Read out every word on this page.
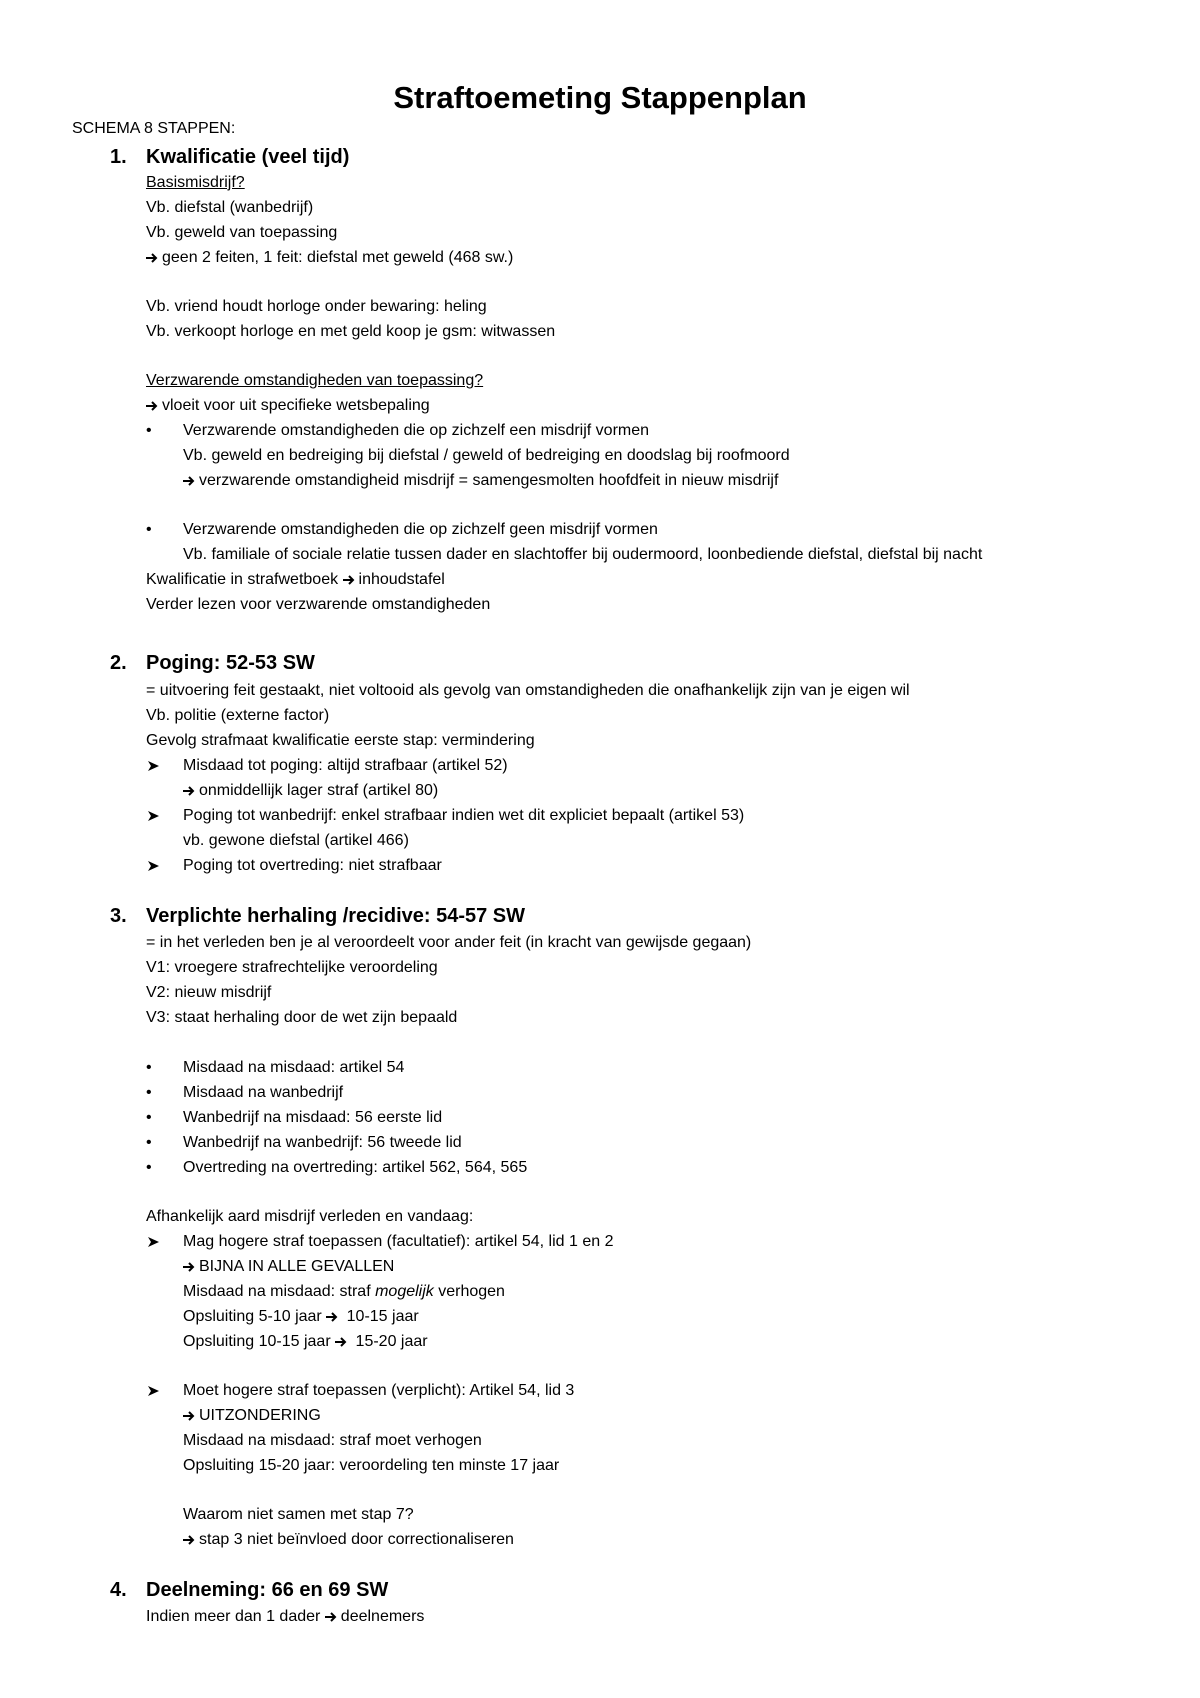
Straftoemeting Stappenplan
SCHEMA 8 STAPPEN:
1. Kwalificatie (veel tijd)
Basismisdrijf?
Vb. diefstal (wanbedrijf)
Vb. geweld van toepassing
geen 2 feiten, 1 feit: diefstal met geweld (468 sw.)
Vb. vriend houdt horloge onder bewaring: heling
Vb. verkoopt horloge en met geld koop je gsm: witwassen
Verzwarende omstandigheden van toepassing?
vloeit voor uit specifieke wetsbepaling
• Verzwarende omstandigheden die op zichzelf een misdrijf vormen
Vb. geweld en bedreiging bij diefstal / geweld of bedreiging en doodslag bij roofmoord
verzwarende omstandigheid misdrijf = samengesmolten hoofdfeit in nieuw misdrijf
• Verzwarende omstandigheden die op zichzelf geen misdrijf vormen
Vb. familiale of sociale relatie tussen dader en slachtoffer bij oudermoord, loonbediende diefstal, diefstal bij nacht
Kwalificatie in strafwetboek inhoudstafel
Verder lezen voor verzwarende omstandigheden
2. Poging: 52-53 SW
= uitvoering feit gestaakt, niet voltooid als gevolg van omstandigheden die onafhankelijk zijn van je eigen wil
Vb. politie (externe factor)
Gevolg strafmaat kwalificatie eerste stap: vermindering
Misdaad tot poging: altijd strafbaar (artikel 52)
onmiddellijk lager straf (artikel 80)
Poging tot wanbedrijf: enkel strafbaar indien wet dit expliciet bepaalt (artikel 53)
vb. gewone diefstal (artikel 466)
Poging tot overtreding: niet strafbaar
3. Verplichte herhaling /recidive: 54-57 SW
= in het verleden ben je al veroordeelt voor ander feit (in kracht van gewijsde gegaan)
V1: vroegere strafrechtelijke veroordeling
V2: nieuw misdrijf
V3: staat herhaling door de wet zijn bepaald
• Misdaad na misdaad: artikel 54
• Misdaad na wanbedrijf
• Wanbedrijf na misdaad: 56 eerste lid
• Wanbedrijf na wanbedrijf: 56 tweede lid
• Overtreding na overtreding: artikel 562, 564, 565
Afhankelijk aard misdrijf verleden en vandaag:
Mag hogere straf toepassen (facultatief): artikel 54, lid 1 en 2
BIJNA IN ALLE GEVALLEN
Misdaad na misdaad: straf mogelijk verhogen
Opsluiting 5-10 jaar
10-15 jaar
Opsluiting 10-15 jaar
15-20 jaar
Moet hogere straf toepassen (verplicht): Artikel 54, lid 3
UITZONDERING
Misdaad na misdaad: straf moet verhogen
Opsluiting 15-20 jaar: veroordeling ten minste 17 jaar
Waarom niet samen met stap 7?
stap 3 niet beïnvloed door correctionaliseren
4. Deelneming: 66 en 69 SW
Indien meer dan 1 dader deelnemers
